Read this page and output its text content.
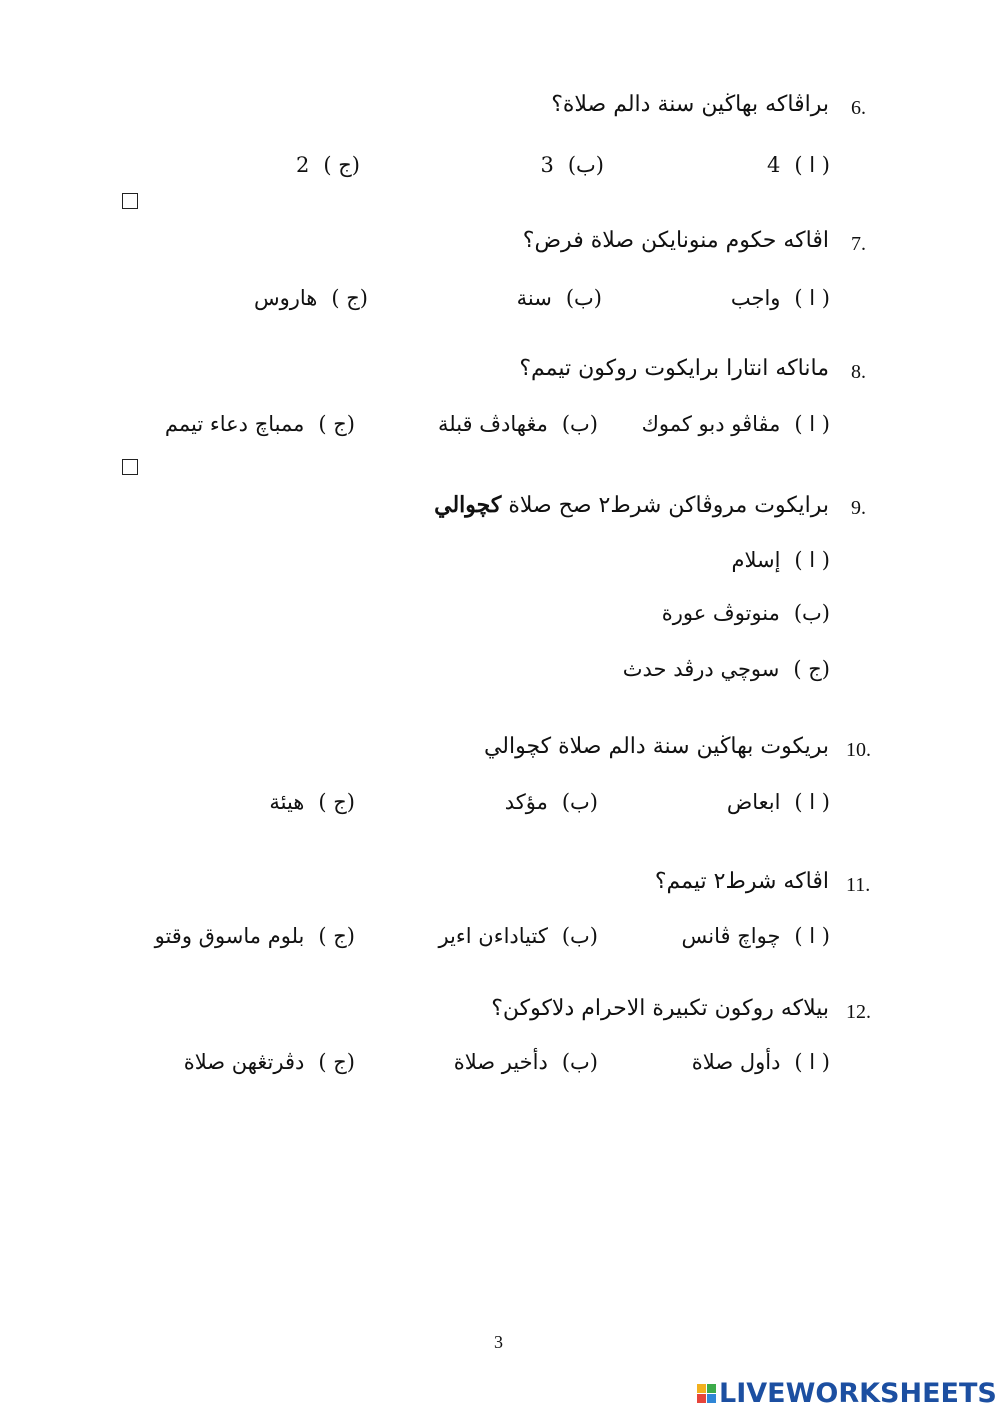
براڤاكه بهاڬين سنة دالم صلاة؟ 6.
( ا )4
(ب)3
(ج )2
اڤاكه حكوم منونايكن صلاة فرض؟ 7.
( ا )واجب
(ب)سنة
(ج )هاروس
ماناكه انتارا برايكوت روكون تيمم؟ 8.
( ا )مڤاڤو دبو كموك
(ب)مڠهادڤ قبلة
(ج )ممباچ دعاء تيمم
برايكوت مروڤاكن شرط٢ صح صلاة كچوالي	9.
( ا )إسلام
(ب)منوتوڤ عورة
(ج )سوچي درڤد حدث
بريكوت بهاڬين سنة دالم صلاة كچوالي 10.
( ا )ابعاض
(ب)مؤكد
(ج )هيئة
اڤاكه شرط٢ تيمم؟ 11.
( ا )چواچ ڤانس
(ب)كتياداءن اءير
(ج )بلوم ماسوق وقتو
بيلاكه روكون تكبيرة الاحرام دلاكوكن؟ 12.
( ا )دأول صلاة
(ب)دأخير صلاة
(ج )دڤرتڠهن صلاة
3
LIVEWORKSHEETS
